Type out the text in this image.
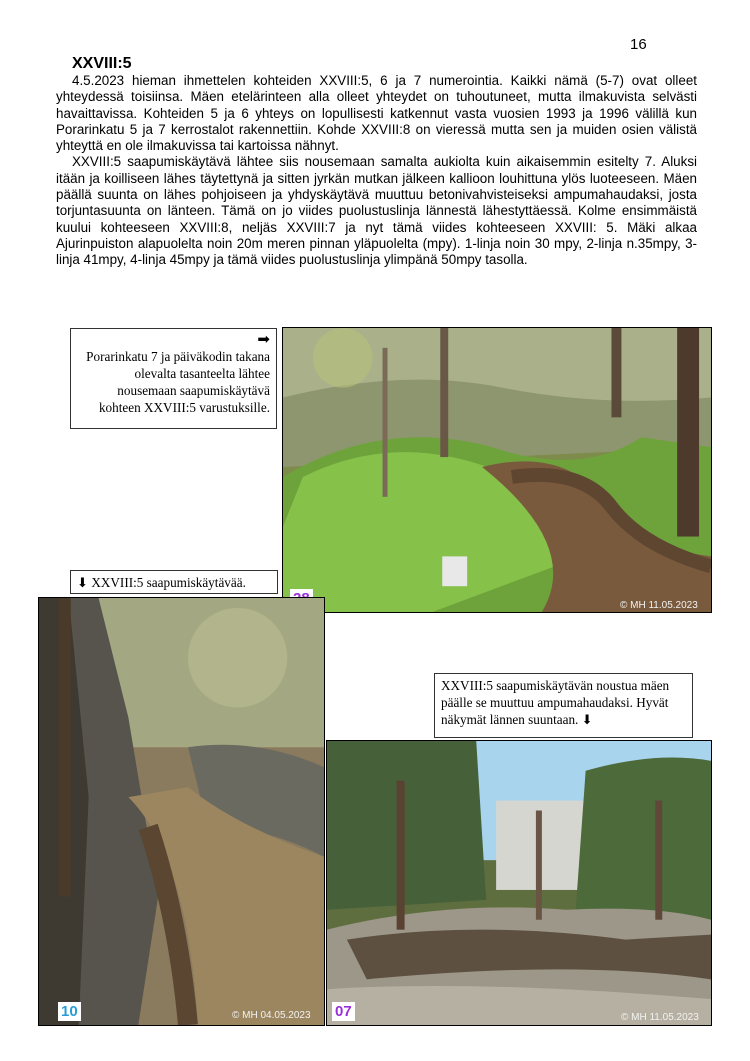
16
XXVIII:5

4.5.2023 hieman ihmettelen kohteiden XXVIII:5, 6 ja 7 numerointia. Kaikki nämä (5-7) ovat olleet yhteydessä toisiinsa. Mäen etelärinteen alla olleet yhteydet on tuhoutuneet, mutta ilmakuvista selvästi havaittavissa. Kohteiden 5 ja 6 yhteys on lopullisesti katkennut vasta vuosien 1993 ja 1996 välillä kun Porarinkatu 5 ja 7 kerrostalot rakennettiin. Kohde XXVIII:8 on vieressä mutta sen ja muiden osien välistä yhteyttä en ole ilmakuvissa tai kartoissa nähnyt.

XXVIII:5 saapumiskäytävä lähtee siis nousemaan samalta aukiolta kuin aikaisemmin esitelty 7. Aluksi itään ja koilliseen lähes täytettynä ja sitten jyrkän mutkan jälkeen kallioon louhittuna ylös luoteeseen. Mäen päällä suunta on lähes pohjoiseen ja yhdyskäytävä muuttuu betonivahvisteiseksi ampumahaudaksi, josta torjuntasuunta on länteen. Tämä on jo viides puolustuslinja lännestä lähestyttäessä. Kolme ensimmäistä kuului kohteeseen XXVIII:8, neljäs XXVIII:7 ja nyt tämä viides kohteeseen XXVIII: 5. Mäki alkaa Ajurinpuiston alapuolelta noin 20m meren pinnan yläpuolelta (mpy). 1-linja noin 30 mpy, 2-linja n.35mpy, 3-linja 41mpy, 4-linja 45mpy ja tämä viides puolustuslinja ylimpänä 50mpy tasolla.

➡
Porarinkatu 7 ja päiväkodin takana olevalta tasanteelta lähtee nousemaan saapumiskäytävä kohteen XXVIII:5 varustuksille.
© MH 11.05.2023
⬇ XXVIII:5 saapumiskäytävää.
10	© MH 04.05.2023
XXVIII:5 saapumiskäytävän noustua mäen päälle se muuttuu ampumahaudaksi. Hyvät näkymät lännen suuntaan. ⬇
07	© MH 11.05.2023
